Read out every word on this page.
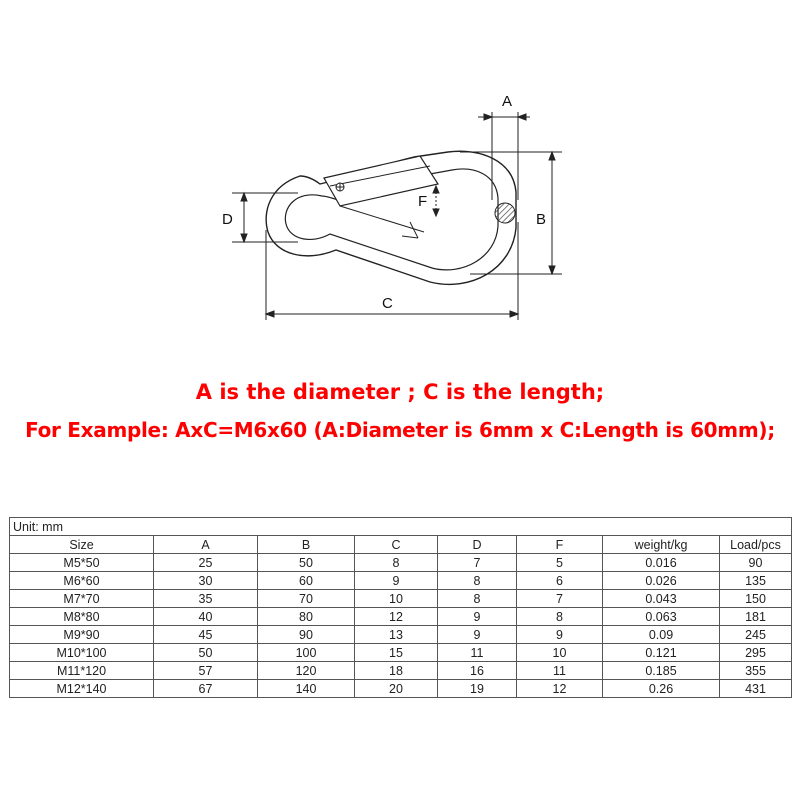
A
B
C
D
F
A is the diameter ; C is the length;
For Example: AxC=M6x60 (A:Diameter is 6mm x C:Length is 60mm);
Unit: mm							
Size	A	B	C	D	F	weight/kg	Load/pcs
M5*50	25	50	8	7	5	0.016	90
M6*60	30	60	9	8	6	0.026	135
M7*70	35	70	10	8	7	0.043	150
M8*80	40	80	12	9	8	0.063	181
M9*90	45	90	13	9	9	0.09	245
M10*100	50	100	15	11	10	0.121	295
M11*120	57	120	18	16	11	0.185	355
M12*140	67	140	20	19	12	0.26	431
